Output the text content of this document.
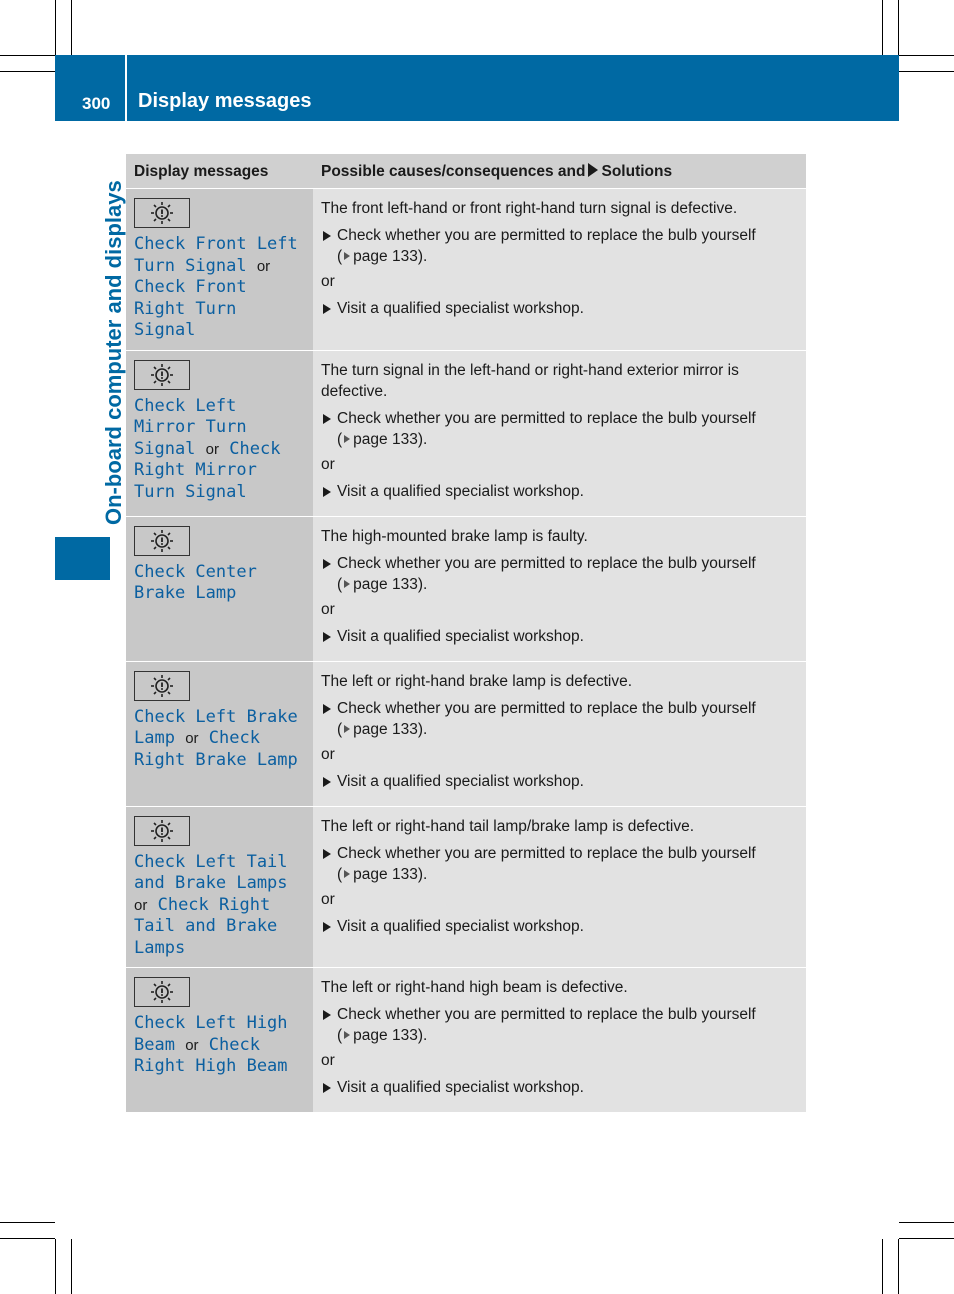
300 Display messages
On-board computer and displays
Display messages	Possible causes/consequences and Solutions
Check Front Left Turn Signal or Check Front Right Turn Signal
The front left-hand or front right-hand turn signal is defective.
Check whether you are permitted to replace the bulb yourself
( page 133).
or
Visit a qualified specialist workshop.
Check Left Mirror Turn Signal or Check Right Mirror Turn Signal
The turn signal in the left-hand or right-hand exterior mirror is defective.
Check whether you are permitted to replace the bulb yourself
( page 133).
or
Visit a qualified specialist workshop.
Check Center Brake Lamp
The high-mounted brake lamp is faulty.
Check whether you are permitted to replace the bulb yourself
( page 133).
or
Visit a qualified specialist workshop.
Check Left Brake Lamp or Check Right Brake Lamp
The left or right-hand brake lamp is defective.
Check whether you are permitted to replace the bulb yourself
( page 133).
or
Visit a qualified specialist workshop.
Check Left Tail and Brake Lamps or Check Right Tail and Brake Lamps
The left or right-hand tail lamp/brake lamp is defective.
Check whether you are permitted to replace the bulb yourself
( page 133).
or
Visit a qualified specialist workshop.
Check Left High Beam or Check Right High Beam
The left or right-hand high beam is defective.
Check whether you are permitted to replace the bulb yourself
( page 133).
or
Visit a qualified specialist workshop.
